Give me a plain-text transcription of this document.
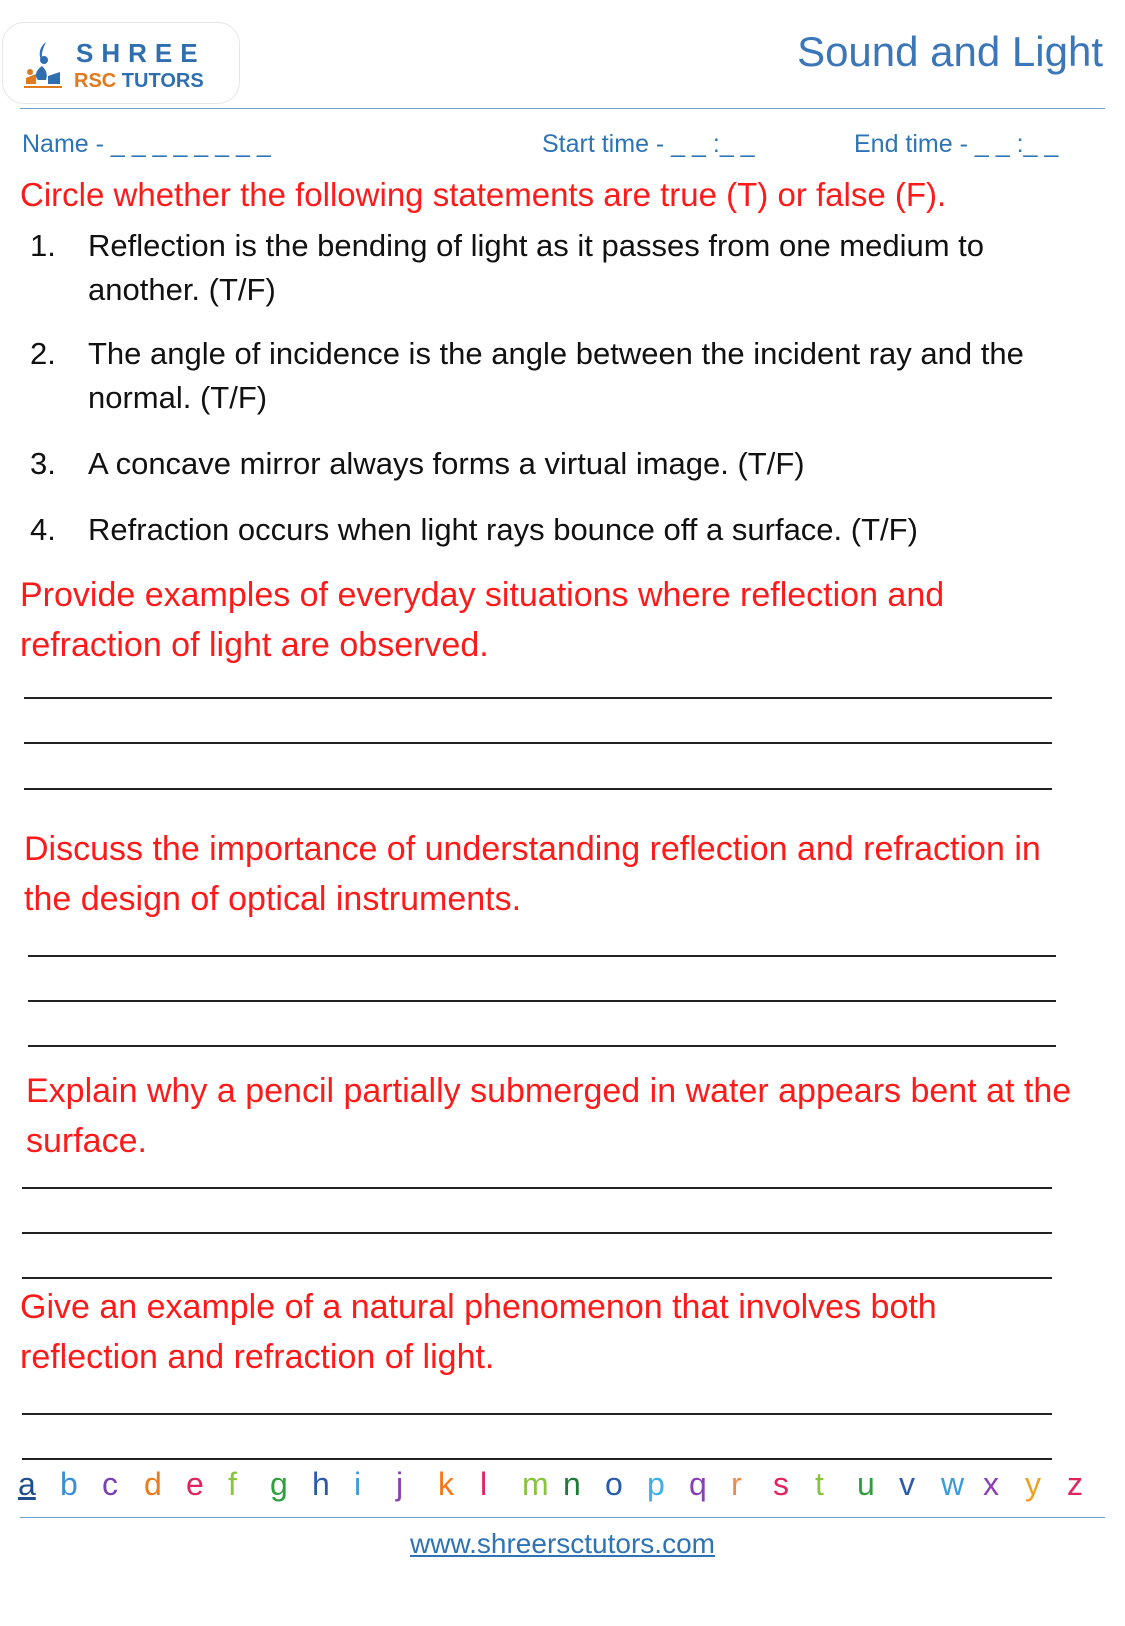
SHREE
RSC TUTORS
Sound and Light
Name - _ _ _ _ _ _ _ _	Start time - _ _ :_ _	End time - _ _ :_ _
Circle whether the following statements are true (T) or false (F).
1.	Reflection is the bending of light as it passes from one medium to another. (T/F)
2.	The angle of incidence is the angle between the incident ray and the normal. (T/F)
3.	A concave mirror always forms a virtual image. (T/F)
4.	Refraction occurs when light rays bounce off a surface. (T/F)
Provide examples of everyday situations where reflection and refraction of light are observed.
Discuss the importance of understanding reflection and refraction in the design of optical instruments.
Explain why a pencil partially submerged in water appears bent at the surface.
Give an example of a natural phenomenon that involves both reflection and refraction of light.
a b c d e f g h i j k l m n o p q r s t u v w x y z
www.shreersctutors.com
